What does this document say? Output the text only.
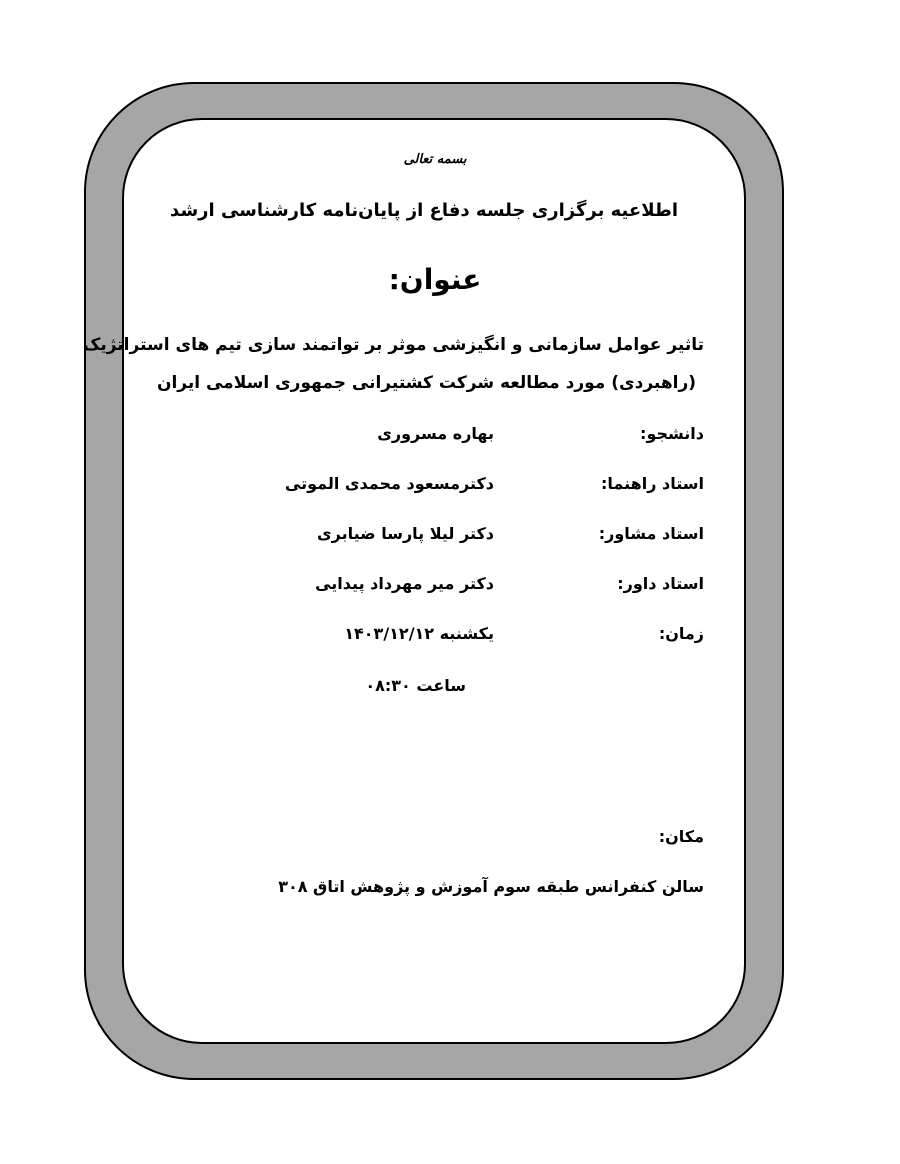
بسمه تعالی
اطلاعیه برگزاری جلسه دفاع از پایان‌نامه کارشناسی ارشد
عنوان:
تاثیر عوامل سازمانی و انگیزشی موثر بر تواتمند سازی تیم های استراتژیک
(راهبردی) مورد مطالعه شرکت کشتیرانی جمهوری اسلامی ایران
دانشجو:
بهاره مسروری
استاد راهنما:
دکترمسعود محمدی الموتی
استاد مشاور:
دکتر لیلا پارسا ضیابری
استاد داور:
دکتر میر مهرداد پیدایی
زمان:
یکشنبه ۱۴۰۳/۱۲/۱۲
ساعت ۰۸:۳۰
مکان:
سالن کنفرانس طبقه سوم آموزش و پژوهش اتاق ۳۰۸
